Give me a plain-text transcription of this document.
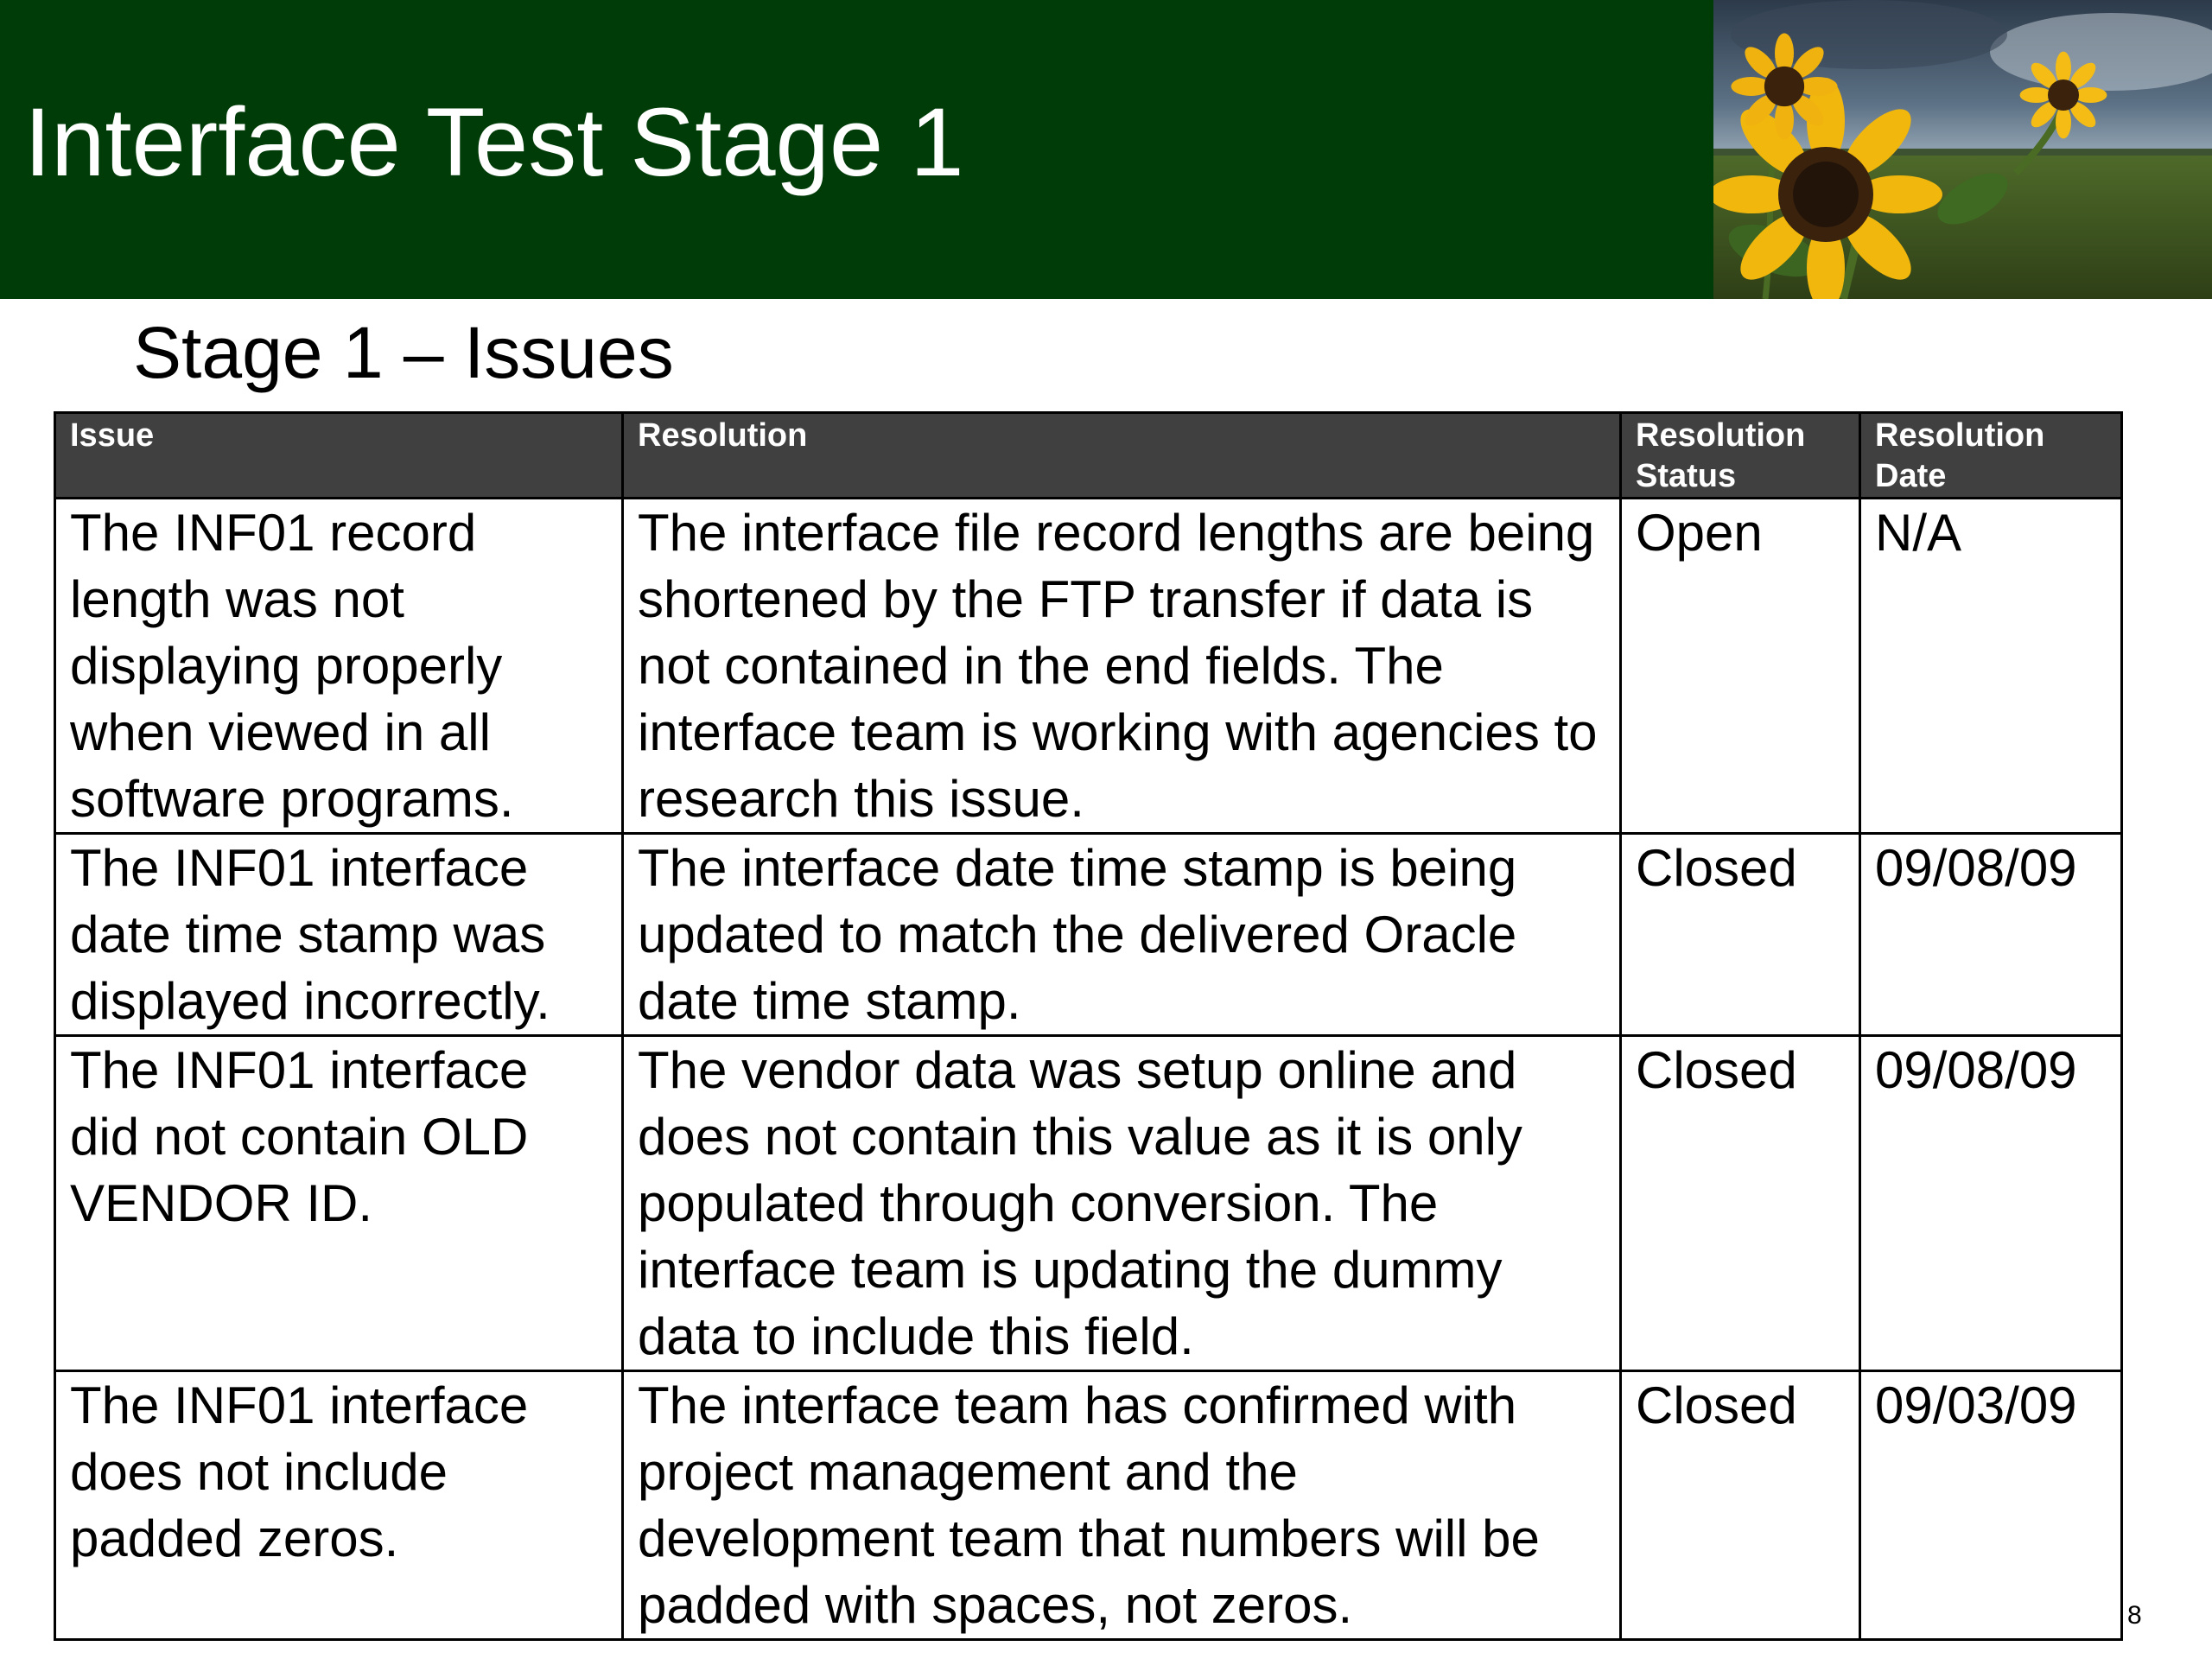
Interface Test Stage 1
Stage 1 – Issues
Issue	Resolution	Resolution Status	Resolution Date
The INF01 record length was not displaying properly when viewed in all software programs.	The interface file record lengths are being shortened by the FTP transfer if data is not contained in the end fields. The interface team is working with agencies to research this issue.	Open	N/A
The INF01 interface date time stamp was displayed incorrectly.	The interface date time stamp is being updated to match the delivered Oracle date time stamp.	Closed	09/08/09
The INF01 interface did not contain OLD VENDOR ID.	The vendor data was setup online and does not contain this value as it is only populated through conversion. The interface team is updating the dummy data to include this field.	Closed	09/08/09
The INF01 interface does not include padded zeros.	The interface team has confirmed with project management and the development team that numbers will be padded with spaces, not zeros.	Closed	09/03/09
8
